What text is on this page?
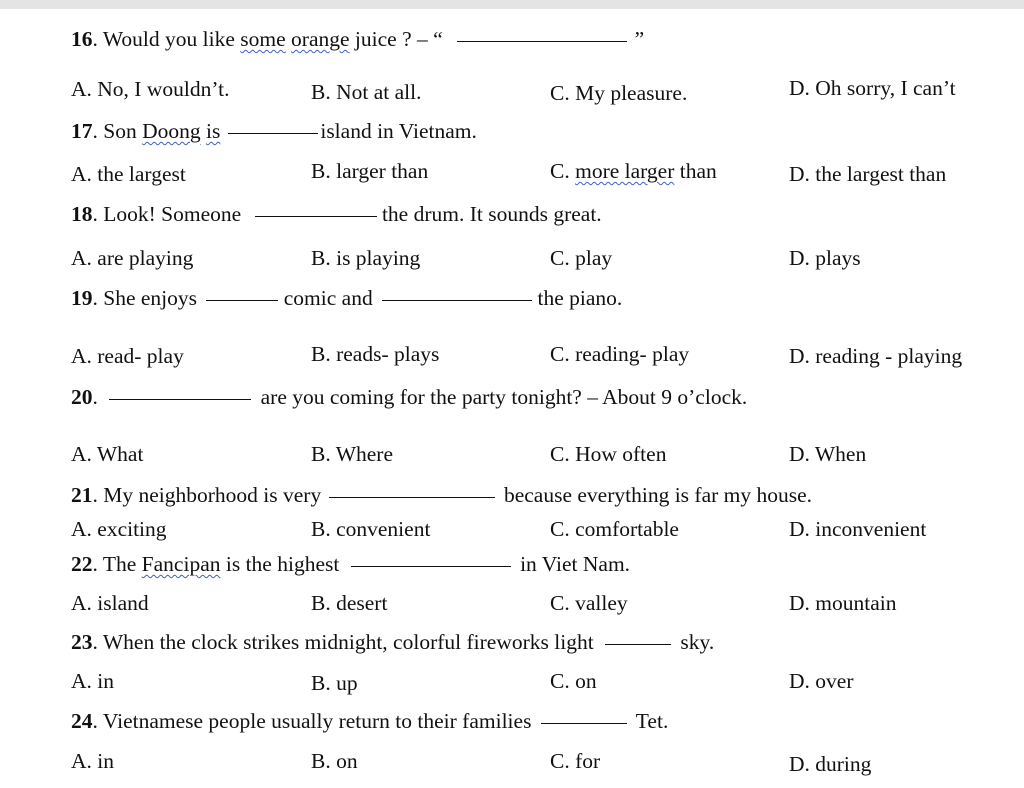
16. Would you like some orange juice ? – “	”
A. No, I wouldn’t.	B. Not at all.	C. My pleasure.	D. Oh sorry, I can’t
17. Son Doong is	island in Vietnam.
A. the largest	B. larger than	C. more larger than	D. the largest than
18. Look! Someone	the drum. It sounds great.
A. are playing	B. is playing	C. play	D. plays
19. She enjoys	comic and	the piano.
A. read- play	B. reads- plays	C. reading- play	D. reading - playing
20.	are you coming for the party tonight? – About 9 o’clock.
A. What	B. Where	C. How often	D. When
21. My neighborhood is very	because everything is far my house.
A. exciting	B. convenient	C. comfortable	D. inconvenient
22. The Fancipan is the highest	in Viet Nam.
A. island	B. desert	C. valley	D. mountain
23. When the clock strikes midnight, colorful fireworks light	sky.
A. in	B. up	C. on	D. over
24. Vietnamese people usually return to their families	Tet.
A. in	B. on	C. for	D. during
